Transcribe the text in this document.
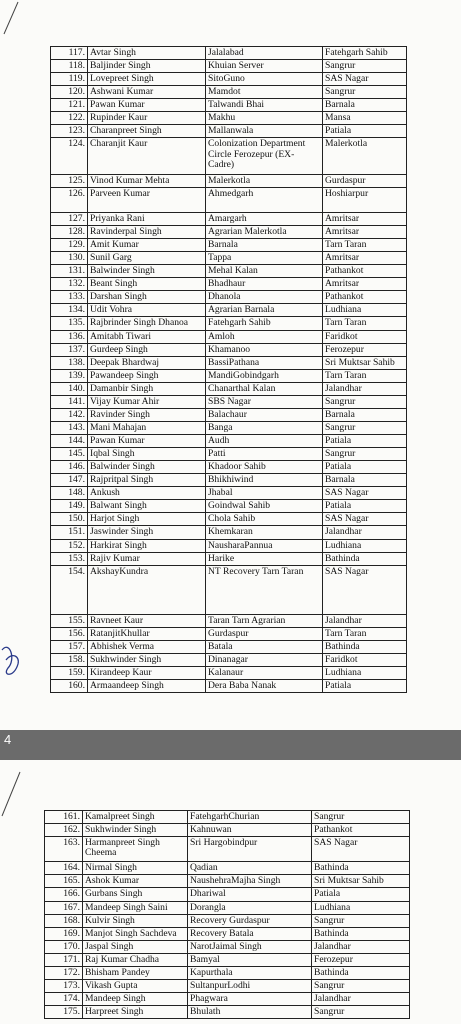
117.	Avtar Singh	Jalalabad	Fatehgarh Sahib
118.	Baljinder Singh	Khuian Server	Sangrur
119.	Lovepreet Singh	SitoGuno	SAS Nagar
120.	Ashwani Kumar	Mamdot	Sangrur
121.	Pawan Kumar	Talwandi Bhai	Barnala
122.	Rupinder Kaur	Makhu	Mansa
123.	Charanpreet Singh	Mallanwala	Patiala
124.	Charanjit Kaur	Colonization Department Circle Ferozepur (EX-Cadre)	Malerkotla
125.	Vinod Kumar Mehta	Malerkotla	Gurdaspur
126.	Parveen Kumar	Ahmedgarh	Hoshiarpur
127.	Priyanka Rani	Amargarh	Amritsar
128.	Ravinderpal Singh	Agrarian Malerkotla	Amritsar
129.	Amit Kumar	Barnala	Tarn Taran
130.	Sunil Garg	Tappa	Amritsar
131.	Balwinder Singh	Mehal Kalan	Pathankot
132.	Beant Singh	Bhadhaur	Amritsar
133.	Darshan Singh	Dhanola	Pathankot
134.	Udit Vohra	Agrarian Barnala	Ludhiana
135.	Rajbrinder Singh Dhanoa	Fatehgarh Sahib	Tarn Taran
136.	Amitabh Tiwari	Amloh	Faridkot
137.	Gurdeep Singh	Khamanoo	Ferozepur
138.	Deepak Bhardwaj	BassiPathana	Sri Muktsar Sahib
139.	Pawandeep Singh	MandiGobindgarh	Tarn Taran
140.	Damanbir Singh	Chanarthal Kalan	Jalandhar
141.	Vijay Kumar Ahir	SBS Nagar	Sangrur
142.	Ravinder Singh	Balachaur	Barnala
143.	Mani Mahajan	Banga	Sangrur
144.	Pawan Kumar	Audh	Patiala
145.	Iqbal Singh	Patti	Sangrur
146.	Balwinder Singh	Khadoor Sahib	Patiala
147.	Rajpritpal Singh	Bhikhiwind	Barnala
148.	Ankush	Jhabal	SAS Nagar
149.	Balwant Singh	Goindwal Sahib	Patiala
150.	Harjot Singh	Chola Sahib	SAS Nagar
151.	Jaswinder Singh	Khemkaran	Jalandhar
152.	Harkirat Singh	NausharaPannua	Ludhiana
153.	Rajiv Kumar	Harike	Bathinda
154.	AkshayKundra	NT Recovery Tarn Taran	SAS Nagar
155.	Ravneet Kaur	Taran Tarn Agrarian	Jalandhar
156.	RatanjitKhullar	Gurdaspur	Tarn Taran
157.	Abhishek Verma	Batala	Bathinda
158.	Sukhwinder Singh	Dinanagar	Faridkot
159.	Kirandeep Kaur	Kalanaur	Ludhiana
160.	Armaandeep Singh	Dera Baba Nanak	Patiala
4
161.	Kamalpreet Singh	FatehgarhChurian	Sangrur
162.	Sukhwinder Singh	Kahnuwan	Pathankot
163.	Harmanpreet Singh Cheema	Sri Hargobindpur	SAS Nagar
164.	Nirmal Singh	Qadian	Bathinda
165.	Ashok Kumar	NaushehraMajha Singh	Sri Muktsar Sahib
166.	Gurbans Singh	Dhariwal	Patiala
167.	Mandeep Singh Saini	Dorangla	Ludhiana
168.	Kulvir Singh	Recovery Gurdaspur	Sangrur
169.	Manjot Singh Sachdeva	Recovery Batala	Bathinda
170.	Jaspal Singh	NarotJaimal Singh	Jalandhar
171.	Raj Kumar Chadha	Bamyal	Ferozepur
172.	Bhisham Pandey	Kapurthala	Bathinda
173.	Vikash Gupta	SultanpurLodhi	Sangrur
174.	Mandeep Singh	Phagwara	Jalandhar
175.	Harpreet Singh	Bhulath	Sangrur
